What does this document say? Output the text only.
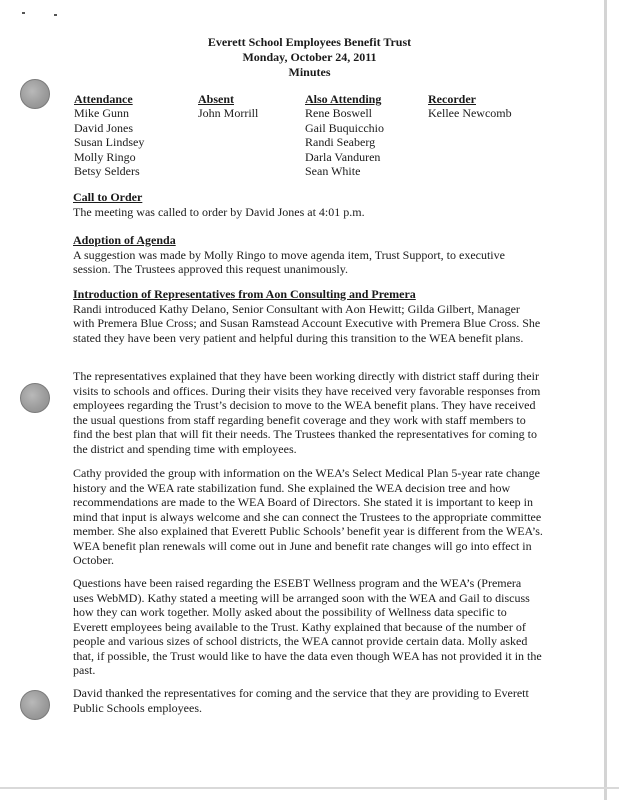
Everett School Employees Benefit Trust
Monday, October 24, 2011
Minutes
Attendance
Mike Gunn
David Jones
Susan Lindsey
Molly Ringo
Betsy Selders
Absent
John Morrill
Also Attending
Rene Boswell
Gail Buquicchio
Randi Seaberg
Darla Vanduren
Sean White
Recorder
Kellee Newcomb
Call to Order

The meeting was called to order by David Jones at 4:01 p.m.

Adoption of Agenda

A suggestion was made by Molly Ringo to move agenda item, Trust Support, to executive session. The Trustees approved this request unanimously.

Introduction of Representatives from Aon Consulting and Premera

Randi introduced Kathy Delano, Senior Consultant with Aon Hewitt; Gilda Gilbert, Manager with Premera Blue Cross; and Susan Ramstead Account Executive with Premera Blue Cross. She stated they have been very patient and helpful during this transition to the WEA benefit plans.

The representatives explained that they have been working directly with district staff during their visits to schools and offices. During their visits they have received very favorable responses from employees regarding the Trust’s decision to move to the WEA benefit plans. They have received the usual questions from staff regarding benefit coverage and they work with staff members to find the best plan that will fit their needs. The Trustees thanked the representatives for coming to the district and spending time with employees.

Cathy provided the group with information on the WEA’s Select Medical Plan 5-year rate change history and the WEA rate stabilization fund. She explained the WEA decision tree and how recommendations are made to the WEA Board of Directors. She stated it is important to keep in mind that input is always welcome and she can connect the Trustees to the appropriate committee member. She also explained that Everett Public Schools’ benefit year is different from the WEA’s. WEA benefit plan renewals will come out in June and benefit rate changes will go into effect in October.

Questions have been raised regarding the ESEBT Wellness program and the WEA’s (Premera uses WebMD). Kathy stated a meeting will be arranged soon with the WEA and Gail to discuss how they can work together. Molly asked about the possibility of Wellness data specific to Everett employees being available to the Trust. Kathy explained that because of the number of people and various sizes of school districts, the WEA cannot provide certain data. Molly asked that, if possible, the Trust would like to have the data even though WEA has not provided it in the past.

David thanked the representatives for coming and the service that they are providing to Everett Public Schools employees.
